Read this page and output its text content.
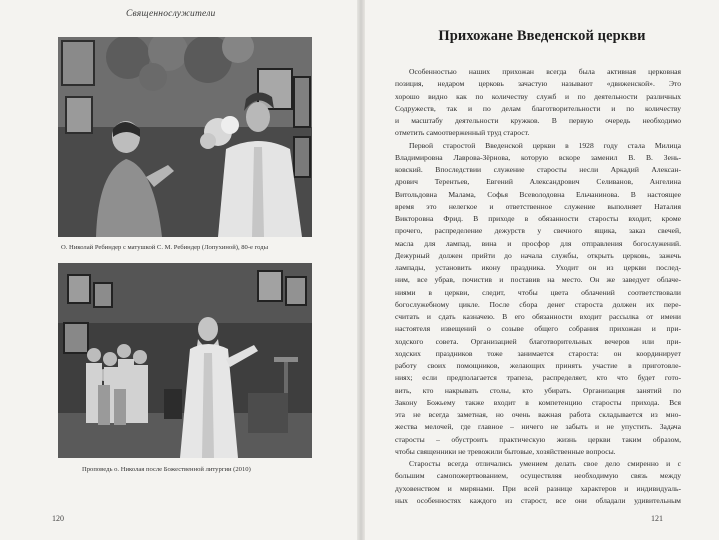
Священнослужители
О. Николай Ребиндер с матушкой С. М. Ребиндер (Лопухиной), 80-е годы
Проповедь о. Николая после Божественной литургии (2010)
120
Прихожане Введенской церкви
Особенностью наших прихожан всегда была активная церковная
позиция, недаром церковь зачастую называют «движенской». Это
хорошо видно как по количеству служб и по деятельности различных
Содружеств, так и по делам благотворительности и по количеству
и масштабу деятельности кружков. В первую очередь необходимо
отметить самоотверженный труд старост.
Первой старостой Введенской церкви в 1928 году стала Милица
Владимировна Лаврова-Зёрнова, которую вскоре заменил В. В. Зень-
ковский. Впоследствии служение старосты несли Аркадий Алексан-
дрович Терентьев, Евгений Александрович Селиванов, Ангелина
Витольдовна Малама, Софья Всеволодовна Ельчанинова. В настоящее
время это нелегкое и ответственное служение выполняет Наталия
Викторовна Фрид. В приходе в обязанности старосты входит, кроме
прочего, распределение дежурств у свечного ящика, заказ свечей,
масла для лампад, вина и просфор для отправления богослужений.
Дежурный должен прийти до начала службы, открыть церковь, зажечь
лампады, установить икону праздника. Уходит он из церкви послед-
ним, все убрав, почистив и поставив на место. Он же заведует облаче-
ниями в церкви, следит, чтобы цвета облачений соответствовали
богослужебному цикле. После сбора денег староста должен их пере-
считать и сдать казначею. В его обязанности входит рассылка от имени
настоятеля извещений о созыве общего собрания прихожан и при-
ходского совета. Организацией благотворительных вечеров или при-
ходских праздников тоже занимается староста: он координирует
работу своих помощников, желающих принять участие в приготовле-
ниях; если предполагается трапеза, распределяет, кто что будет гото-
вить, кто накрывать столы, кто убирать. Организация занятий по
Закону Божьему также входит в компетенцию старосты прихода. Вся
эта не всегда заметная, но очень важная работа складывается из мно-
жества мелочей, где главное – ничего не забыть и не упустить. Задача
старосты – обустроить практическую жизнь церкви таким образом,
чтобы священники не тревожили бытовые, хозяйственные вопросы.
Старосты всегда отличались умением делать свое дело смиренно и с
большим самопожертвованием, осуществляя необходимую связь между
духовенством и мирянами. При всей разнице характеров и индивидуаль-
ных особенностях каждого из старост, все они обладали удивительным
121
